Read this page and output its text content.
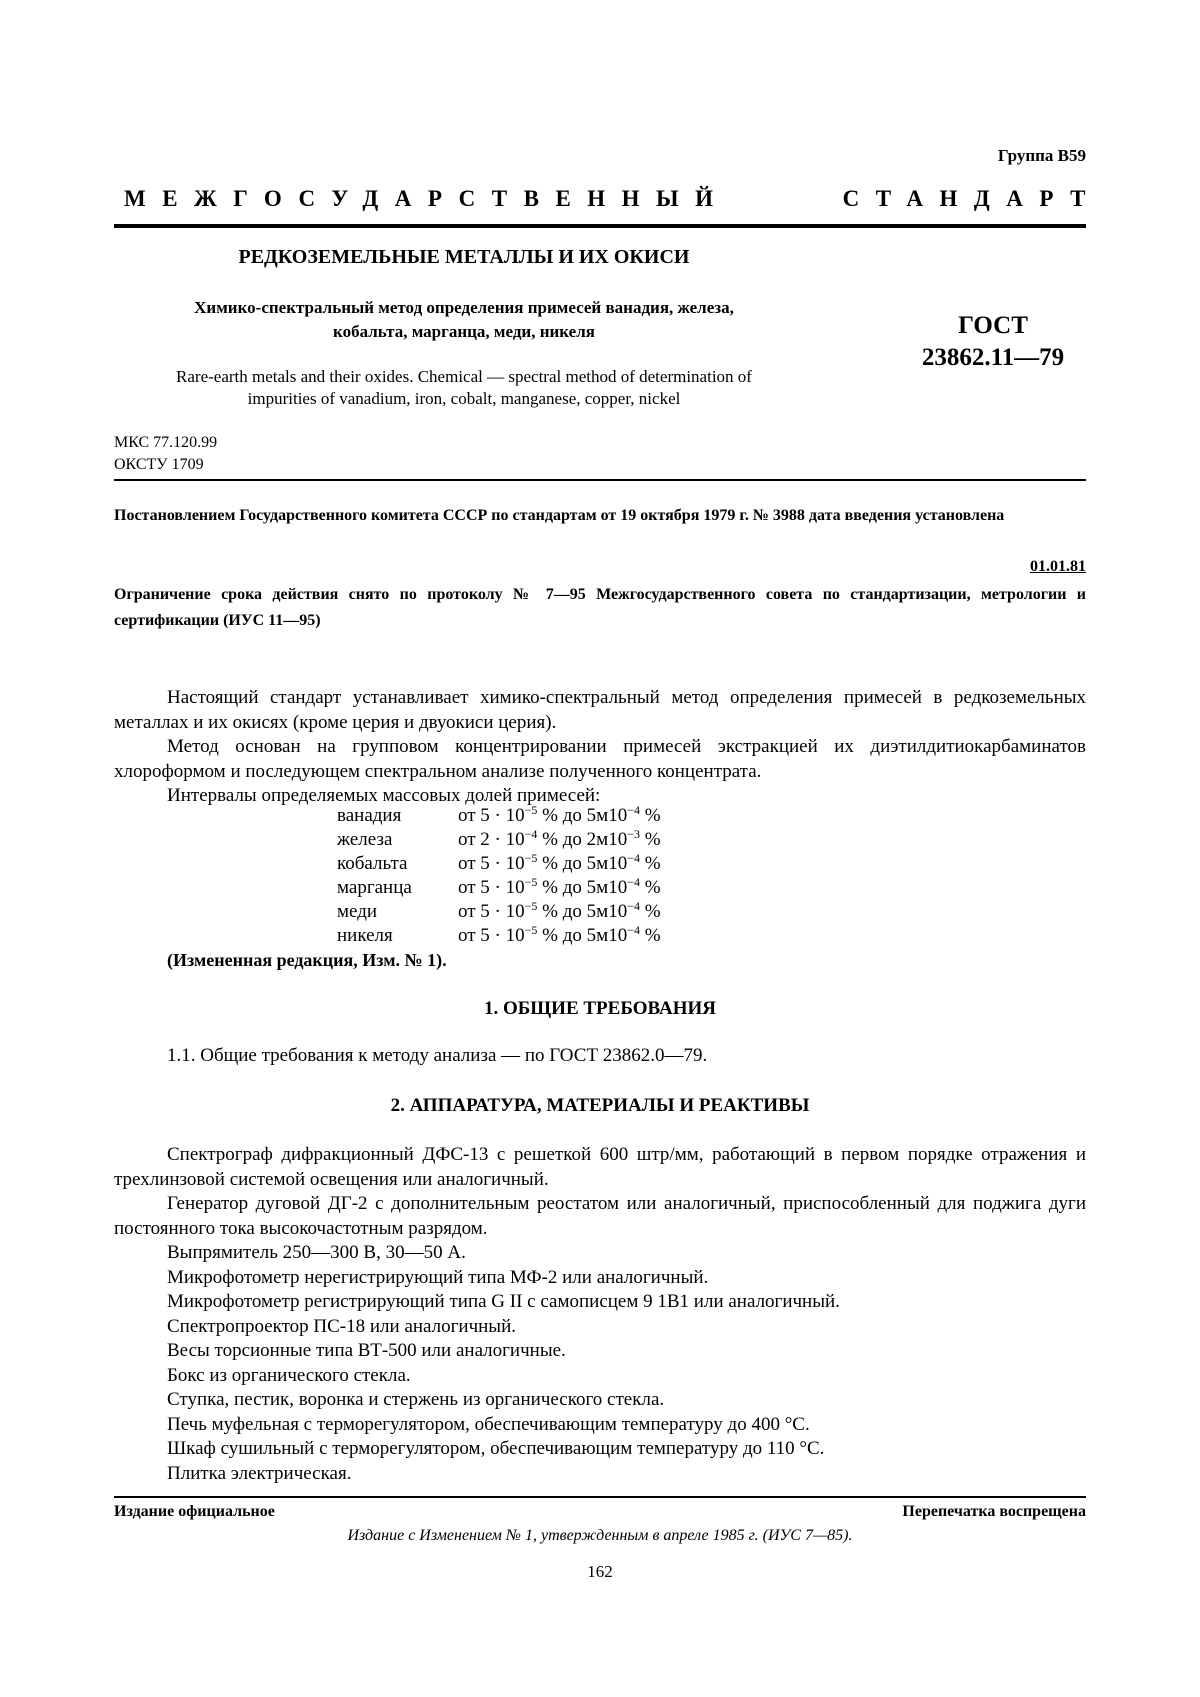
Группа В59
МЕЖГОСУДАРСТВЕННЫЙ	СТАНДАРТ
РЕДКОЗЕМЕЛЬНЫЕ МЕТАЛЛЫ И ИХ ОКИСИ
Химико-спектральный метод определения примесей ванадия, железа,
кобальта, марганца, меди, никеля
Rare-earth metals and their oxides. Chemical — spectral method of determination of
impurities of vanadium, iron, cobalt, manganese, copper, nickel
ГОСТ
23862.11—79
МКС 77.120.99
ОКСТУ 1709
Постановлением Государственного комитета СССР по стандартам от 19 октября 1979 г. № 3988 дата введения установлена
01.01.81
Ограничение срока действия снято по протоколу № 7—95 Межгосударственного совета по стандартизации, метрологии и сертификации (ИУС 11—95)

Настоящий стандарт устанавливает химико-спектральный метод определения примесей в редкоземельных металлах и их окисях (кроме церия и двуокиси церия).

Метод основан на групповом концентрировании примесей экстракцией их диэтилдитиокарбаминатов хлороформом и последующем спектральном анализе полученного концентрата.

Интервалы определяемых массовых долей примесей:

ванадия	от $5 \cdot 10^{-5}$ % до $5м10^{-4}$ %
железа	от $2 \cdot 10^{-4}$ % до $2м10^{-3}$ %
кобальта	от $5 \cdot 10^{-5}$ % до $5м10^{-4}$ %
марганца	от $5 \cdot 10^{-5}$ % до $5м10^{-4}$ %
меди	от $5 \cdot 10^{-5}$ % до $5м10^{-4}$ %
никеля	от $5 \cdot 10^{-5}$ % до $5м10^{-4}$ %
(Измененная редакция, Изм. № 1).
1. ОБЩИЕ ТРЕБОВАНИЯ
1.1. Общие требования к методу анализа — по ГОСТ 23862.0—79.
2. АППАРАТУРА, МАТЕРИАЛЫ И РЕАКТИВЫ

Спектрограф дифракционный ДФС-13 с решеткой 600 штр/мм, работающий в первом порядке отражения и трехлинзовой системой освещения или аналогичный.

Генератор дуговой ДГ-2 с дополнительным реостатом или аналогичный, приспособленный для поджига дуги постоянного тока высокочастотным разрядом.

Выпрямитель 250—300 В, 30—50 А.

Микрофотометр нерегистрирующий типа МФ-2 или аналогичный.

Микрофотометр регистрирующий типа G II с самописцем 9 1B1 или аналогичный.

Спектропроектор ПС-18 или аналогичный.

Весы торсионные типа ВТ-500 или аналогичные.

Бокс из органического стекла.

Ступка, пестик, воронка и стержень из органического стекла.

Печь муфельная с терморегулятором, обеспечивающим температуру до 400 °C.

Шкаф сушильный с терморегулятором, обеспечивающим температуру до 110 °C.

Плитка электрическая.

Издание официальное	Перепечатка воспрещена
Издание с Изменением № 1, утвержденным в апреле 1985 г. (ИУС 7—85).
162
